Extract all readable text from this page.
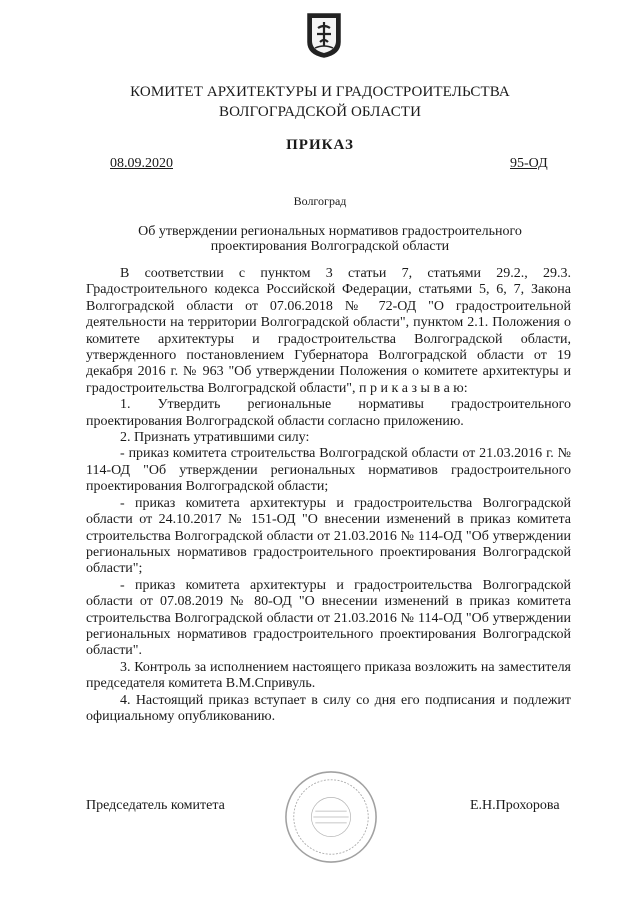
КОМИТЕТ АРХИТЕКТУРЫ И ГРАДОСТРОИТЕЛЬСТВА
ВОЛГОГРАДСКОЙ ОБЛАСТИ
ПРИКАЗ
08.09.2020	95-ОД
Волгоград
Об утверждении региональных нормативов градостроительного проектирования Волгоградской области

В соответствии с пунктом 3 статьи 7, статьями 29.2., 29.3. Градостроительного кодекса Российской Федерации, статьями 5, 6, 7, Закона Волгоградской области от 07.06.2018 № 72-ОД "О градостроительной деятельности на территории Волгоградской области", пунктом 2.1. Положения о комитете архитектуры и градостроительства Волгоградской области, утвержденного постановлением Губернатора Волгоградской области от 19 декабря 2016 г. № 963 "Об утверждении Положения о комитете архитектуры и градостроительства Волгоградской области", п р и к а з ы в а ю:

1. Утвердить региональные нормативы градостроительного проектирования Волгоградской области согласно приложению.

2. Признать утратившими силу:

- приказ комитета строительства Волгоградской области от 21.03.2016 г. № 114-ОД "Об утверждении региональных нормативов градостроительного проектирования Волгоградской области;

- приказ комитета архитектуры и градостроительства Волгоградской области от 24.10.2017 № 151-ОД "О внесении изменений в приказ комитета строительства Волгоградской области от 21.03.2016 № 114-ОД "Об утверждении региональных нормативов градостроительного проектирования Волгоградской области";

- приказ комитета архитектуры и градостроительства Волгоградской области от 07.08.2019 № 80-ОД "О внесении изменений в приказ комитета строительства Волгоградской области от 21.03.2016 № 114-ОД "Об утверждении региональных нормативов градостроительного проектирования Волгоградской области".

3. Контроль за исполнением настоящего приказа возложить на заместителя председателя комитета В.М.Спривуль.

4. Настоящий приказ вступает в силу со дня его подписания и подлежит официальному опубликованию.

Председатель комитета	Е.Н.Прохорова
